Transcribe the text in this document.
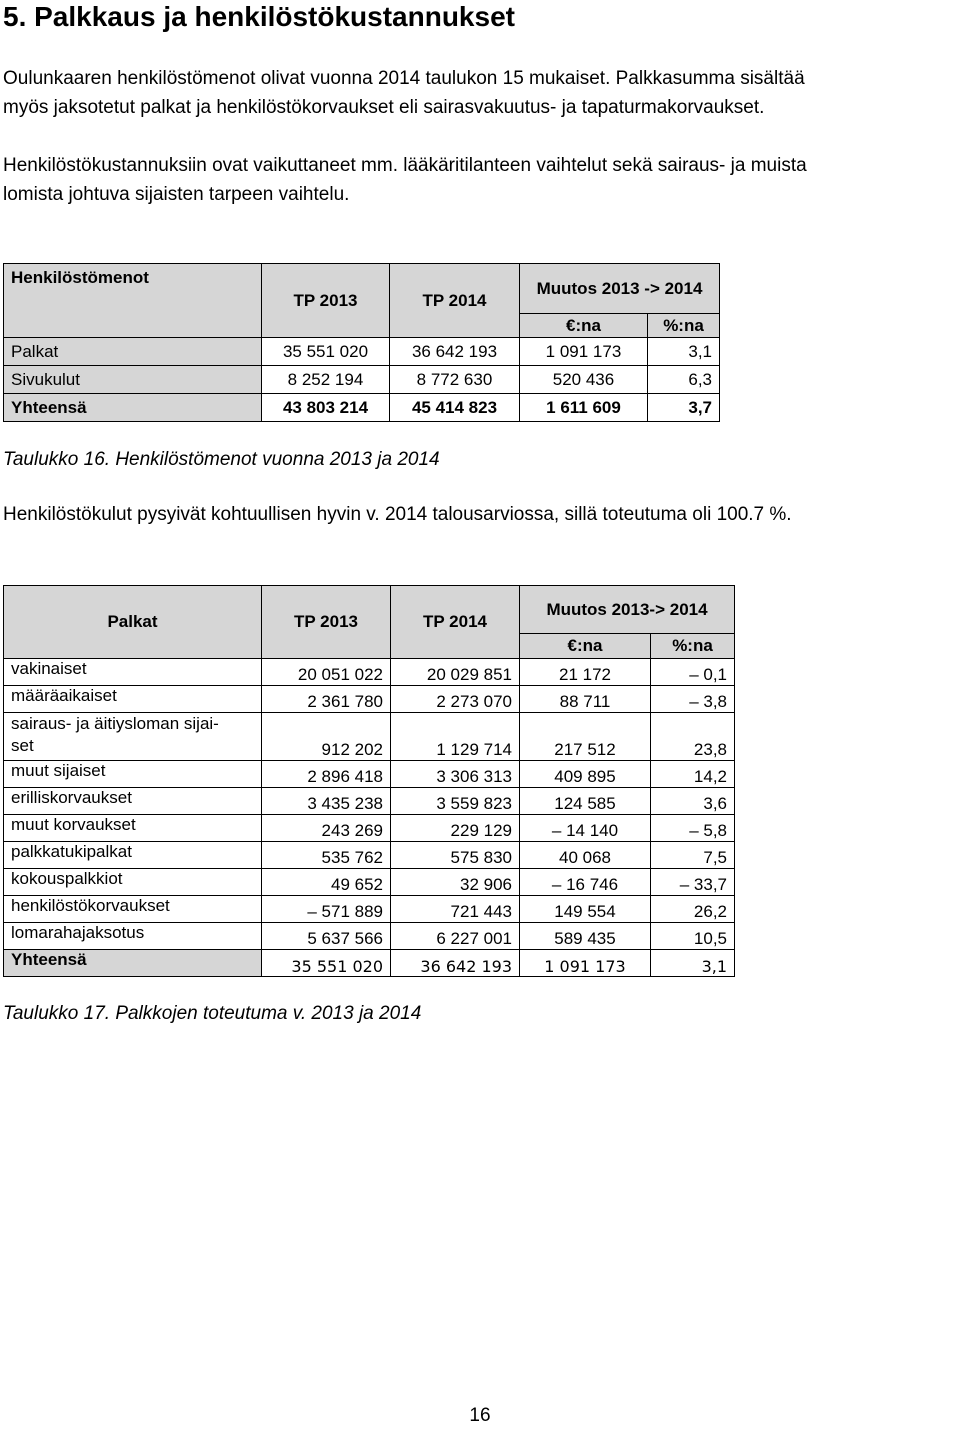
5. Palkkaus ja henkilöstökustannukset
Oulunkaaren henkilöstömenot olivat vuonna 2014 taulukon 15 mukaiset. Palkkasumma sisältää
myös jaksotetut palkat ja henkilöstökorvaukset eli sairasvakuutus- ja tapaturmakorvaukset.
Henkilöstökustannuksiin ovat vaikuttaneet mm. lääkäritilanteen vaihtelut sekä sairaus- ja muista
lomista johtuva sijaisten tarpeen vaihtelu.
Henkilöstömenot	TP 2013	TP 2014	Muutos 2013 -> 2014	
			€:na	%:na
Palkat	35 551 020	36 642 193	1 091 173	3,1
Sivukulut	8 252 194	8 772 630	520 436	6,3
Yhteensä	43 803 214	45 414 823	1 611 609	3,7
Taulukko 16. Henkilöstömenot vuonna 2013 ja 2014
Henkilöstökulut pysyivät kohtuullisen hyvin v. 2014 talousarviossa, sillä toteutuma oli 100.7 %.
Palkat	TP 2013	TP 2014	Muutos 2013-> 2014	
			€:na	%:na
vakinaiset	20 051 022	20 029 851	21 172	– 0,1
määräaikaiset	2 361 780	2 273 070	88 711	– 3,8
sairaus- ja äitiysloman sijai-
set	912 202	1 129 714	217 512	23,8
muut sijaiset	2 896 418	3 306 313	409 895	14,2
erilliskorvaukset	3 435 238	3 559 823	124 585	3,6
muut korvaukset	243 269	229 129	– 14 140	– 5,8
palkkatukipalkat	535 762	575 830	40 068	7,5
kokouspalkkiot	49 652	32 906	– 16 746	– 33,7
henkilöstökorvaukset	– 571 889	721 443	149 554	26,2
lomarahajaksotus	5 637 566	6 227 001	589 435	10,5
Yhteensä	35 551 020	36 642 193	1 091 173	3,1
Taulukko 17. Palkkojen toteutuma v. 2013 ja 2014
16
